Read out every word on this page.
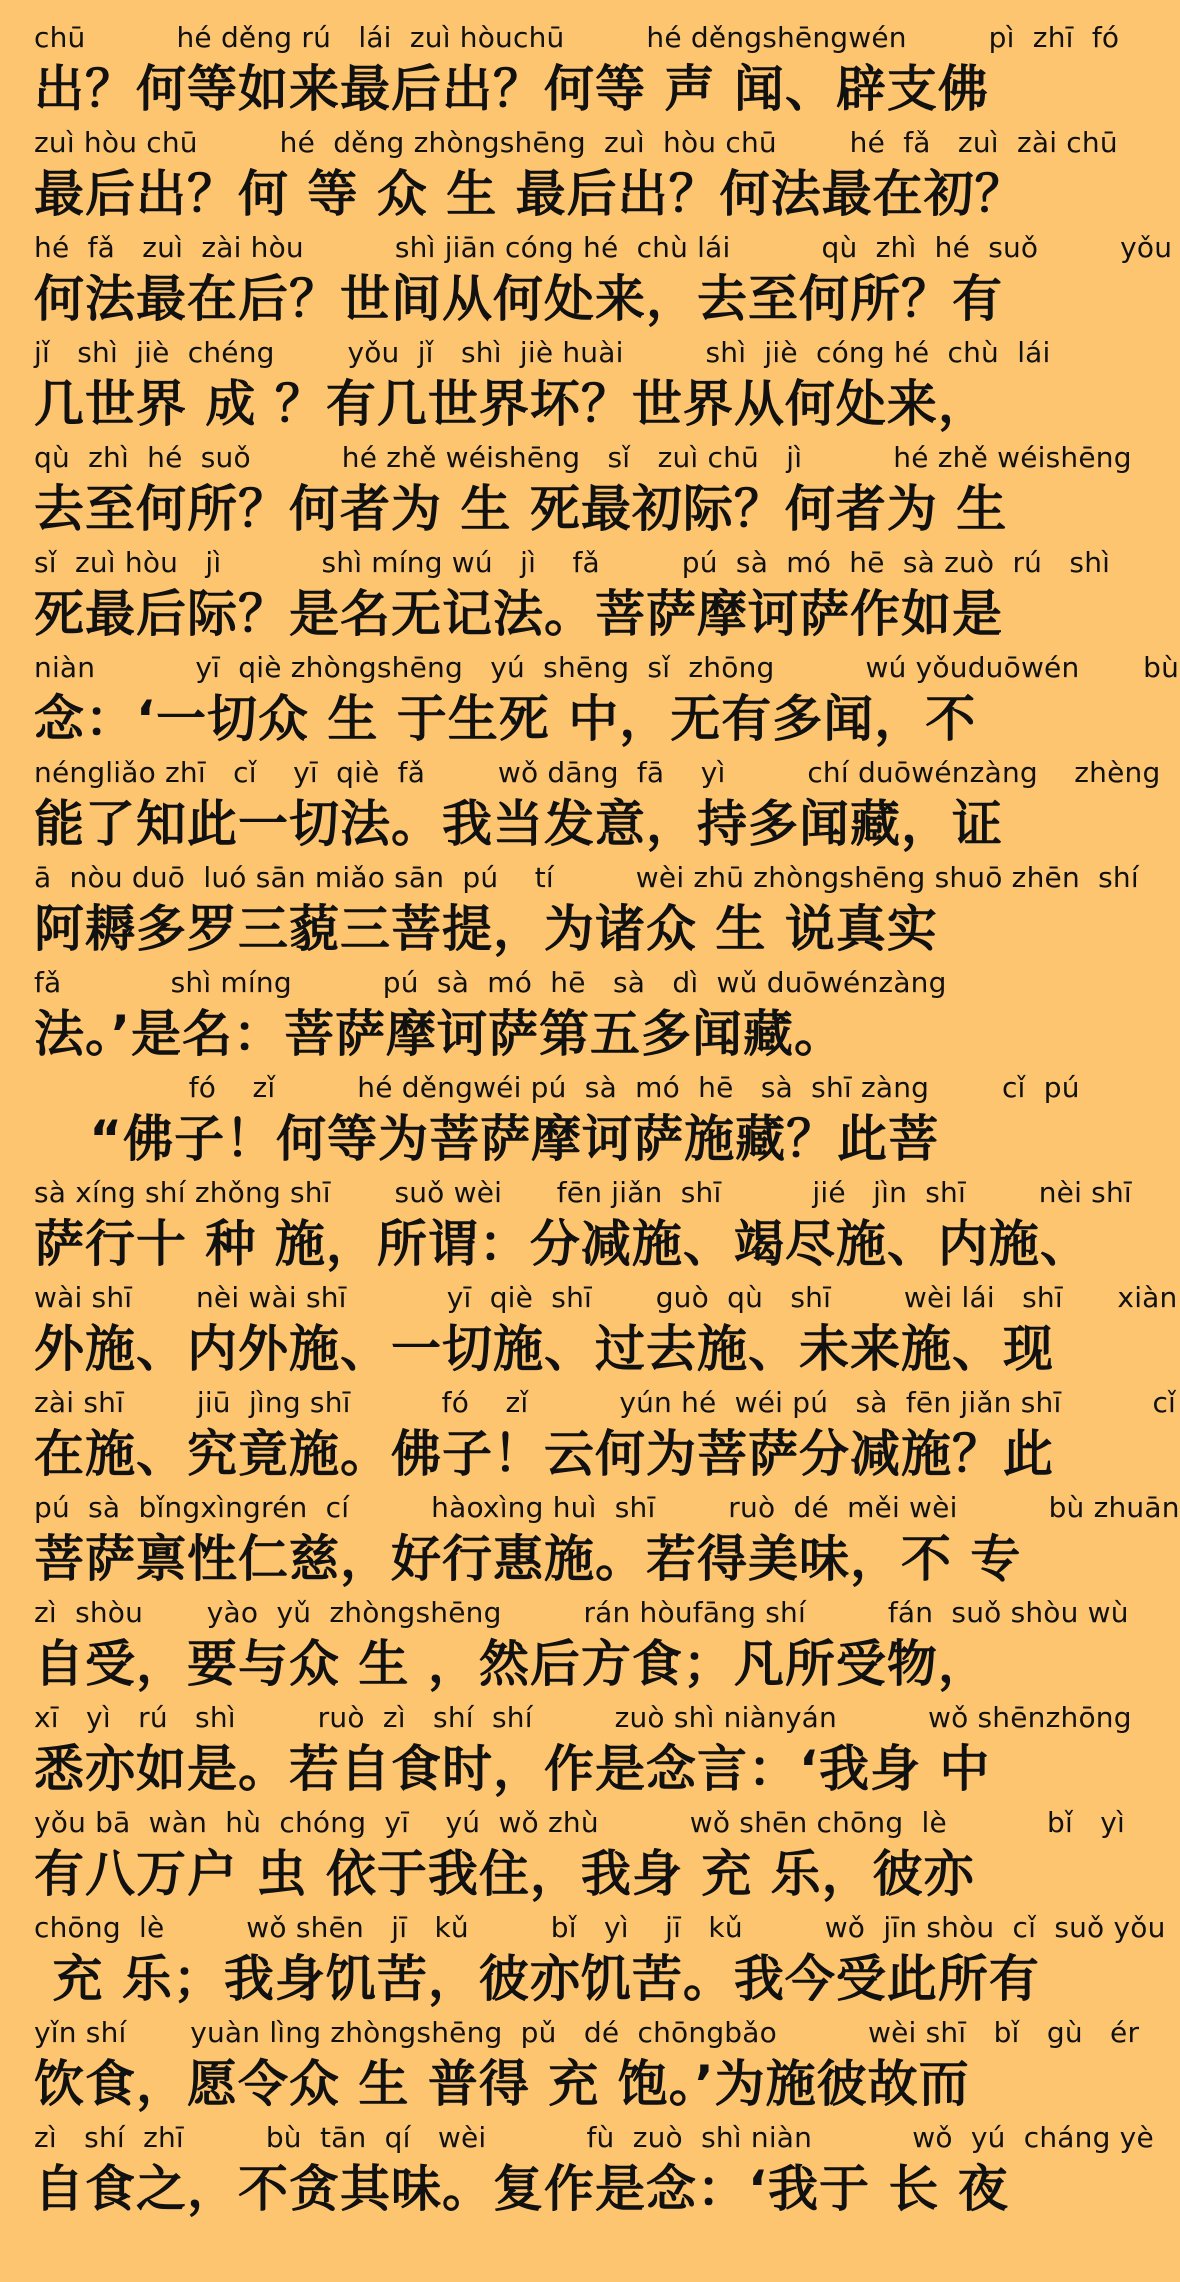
chū          hé děng rú   lái  zuì hòuchū         hé děngshēngwén         pì  zhī  fó
出？何等如来最后出？何等 声 闻、辟支佛
zuì hòu chū         hé  děng zhòngshēng  zuì  hòu chū        hé  fǎ   zuì  zài chū
最后出？何 等 众 生 最后出？何法最在初？
hé  fǎ   zuì  zài hòu          shì jiān cóng hé  chù lái          qù  zhì  hé  suǒ         yǒu
何法最在后？世间从何处来，去至何所？有
jǐ   shì  jiè  chéng        yǒu  jǐ   shì  jiè huài         shì  jiè  cóng hé  chù  lái
几世界 成 ？有几世界坏？世界从何处来，
qù  zhì  hé  suǒ          hé zhě wéishēng   sǐ   zuì chū   jì          hé zhě wéishēng
去至何所？何者为 生 死最初际？何者为 生
sǐ  zuì hòu   jì           shì míng wú   jì    fǎ         pú  sà  mó  hē  sà zuò  rú   shì
死最后际？是名无记法。菩萨摩诃萨作如是
niàn           yī  qiè zhòngshēng   yú  shēng  sǐ  zhōng          wú yǒuduōwén       bù
念：‘一切众 生 于生死 中，无有多闻，不
néngliǎo zhī   cǐ    yī  qiè  fǎ        wǒ dāng  fā    yì         chí duōwénzàng    zhèng
能了知此一切法。我当发意，持多闻藏，证
ā  nòu duō  luó sān miǎo sān  pú    tí         wèi zhū zhòngshēng shuō zhēn  shí
阿耨多罗三藐三菩提，为诸众 生 说真实
fǎ            shì míng          pú  sà  mó  hē   sà   dì  wǔ duōwénzàng
法。’是名：菩萨摩诃萨第五多闻藏。
fó    zǐ         hé děngwéi pú  sà  mó  hē   sà  shī zàng        cǐ  pú
“佛子！何等为菩萨摩诃萨施藏？此菩
sà xíng shí zhǒng shī       suǒ wèi      fēn jiǎn  shī          jié   jìn  shī        nèi shī
萨行十 种 施，所谓：分减施、竭尽施、内施、
wài shī       nèi wài shī           yī  qiè  shī       guò  qù   shī        wèi lái   shī      xiàn
外施、内外施、一切施、过去施、未来施、现
zài shī        jiū  jìng shī          fó    zǐ          yún hé  wéi pú   sà  fēn jiǎn shī          cǐ
在施、究竟施。佛子！云何为菩萨分减施？此
pú  sà  bǐngxìngrén  cí         hàoxìng huì  shī        ruò  dé  měi wèi          bù zhuān
菩萨禀性仁慈，好行惠施。若得美味，不 专
zì  shòu       yào  yǔ  zhòngshēng         rán hòufāng shí         fán  suǒ shòu wù
自受，要与众 生 ，然后方食；凡所受物，
xī   yì   rú   shì         ruò  zì   shí  shí         zuò shì niànyán          wǒ shēnzhōng
悉亦如是。若自食时，作是念言：‘我身 中
yǒu bā  wàn  hù  chóng  yī    yú  wǒ zhù          wǒ shēn chōng  lè           bǐ   yì
有八万户 虫 依于我住，我身 充 乐，彼亦
chōng  lè         wǒ shēn   jī   kǔ         bǐ   yì    jī   kǔ         wǒ  jīn shòu  cǐ  suǒ yǒu
充 乐；我身饥苦，彼亦饥苦。我今受此所有
yǐn shí       yuàn lìng zhòngshēng  pǔ   dé  chōngbǎo          wèi shī   bǐ   gù   ér
饮食，愿令众 生 普得 充 饱。’为施彼故而
zì   shí  zhī         bù  tān  qí   wèi           fù  zuò  shì niàn           wǒ  yú  cháng yè
自食之，不贪其味。复作是念：‘我于 长 夜
